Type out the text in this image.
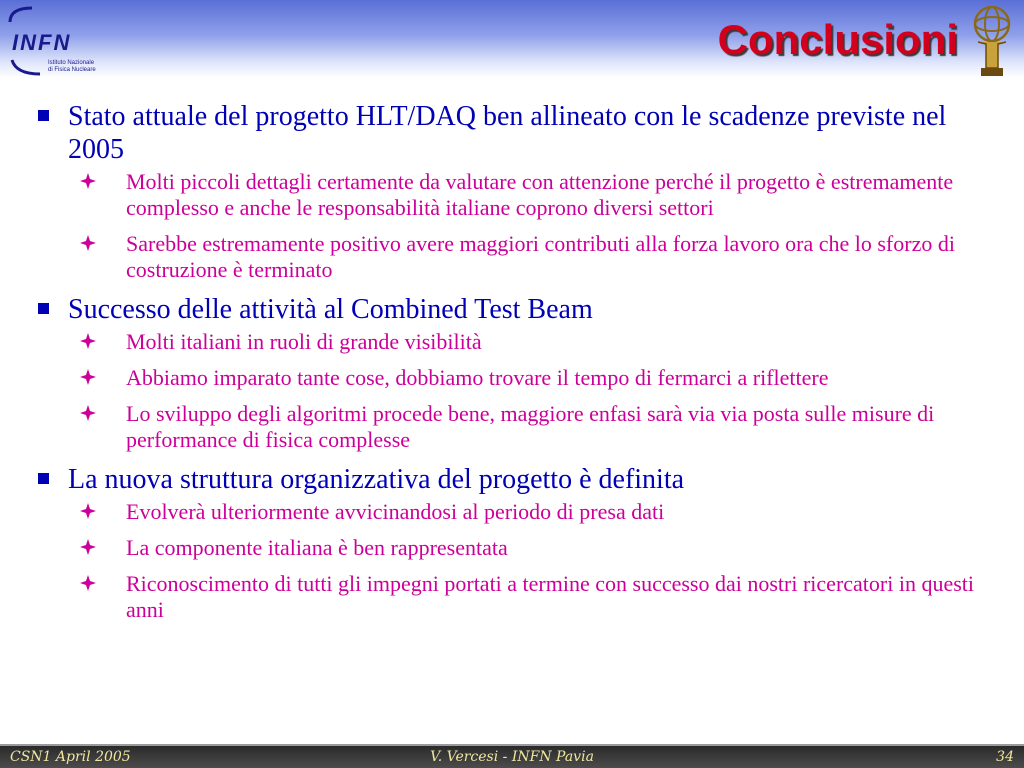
INFN
Istituto Nazionale
di Fisica Nucleare
Conclusioni
Stato attuale del progetto HLT/DAQ ben allineato con le scadenze previste nel 2005
Molti piccoli dettagli certamente da valutare con attenzione perché il progetto è estremamente complesso e anche le responsabilità italiane coprono diversi settori
Sarebbe estremamente positivo avere maggiori contributi alla forza lavoro ora che lo sforzo di costruzione è terminato
Successo delle attività al Combined Test Beam
Molti italiani in ruoli di grande visibilità
Abbiamo imparato tante cose, dobbiamo trovare il tempo di fermarci a riflettere
Lo sviluppo degli algoritmi procede bene, maggiore enfasi sarà via via posta sulle misure di performance di fisica complesse
La nuova struttura organizzativa del progetto è definita
Evolverà ulteriormente avvicinandosi al periodo di presa dati
La componente italiana è ben rappresentata
Riconoscimento di tutti gli impegni portati a termine con successo dai nostri ricercatori in questi anni
CSN1 April 2005	V. Vercesi - INFN Pavia	34
